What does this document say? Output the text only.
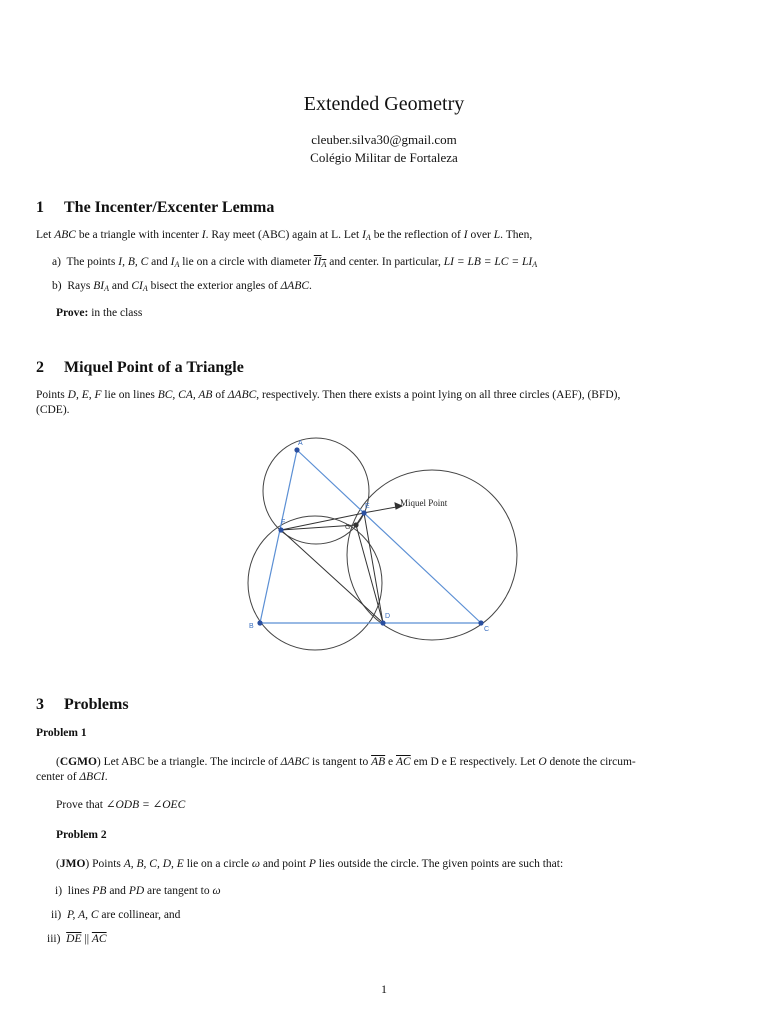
Extended Geometry
cleuber.silva30@gmail.com
Colégio Militar de Fortaleza
1 The Incenter/Excenter Lemma
Let ABC be a triangle with incenter I. Ray meet (ABC) again at L. Let $I_A$ be the reflection of I over L. Then,
a) The points I, B, C and $I_A$ lie on a circle with diameter $II_A$ and center. In particular, LI = LB = LC = $LI_A$
b) Rays $BI_A$ and $CI_A$ bisect the exterior angles of ΔABC.
Prove: in the class
2 Miquel Point of a Triangle
Points D, E, F lie on lines BC, CA, AB of ΔABC, respectively. Then there exists a point lying on all three circles (AEF), (BFD),
(CDE).
A
B	C
D
E
F
G
Miquel Point
3 Problems
Problem 1
(CGMO) Let ABC be a triangle. The incircle of ΔABC is tangent to $\overline{AB}$ e $\overline{AC}$ em D e E respectively. Let O denote the circum-
center of ΔBCI.
Prove that ∠ODB = ∠OEC
Problem 2
(JMO) Points A, B, C, D, E lie on a circle ω and point P lies outside the circle. The given points are such that:
i) lines PB and PD are tangent to ω
ii) P, A, C are collinear, and
iii) $\overline{DE}$ || $\overline{AC}$
1
